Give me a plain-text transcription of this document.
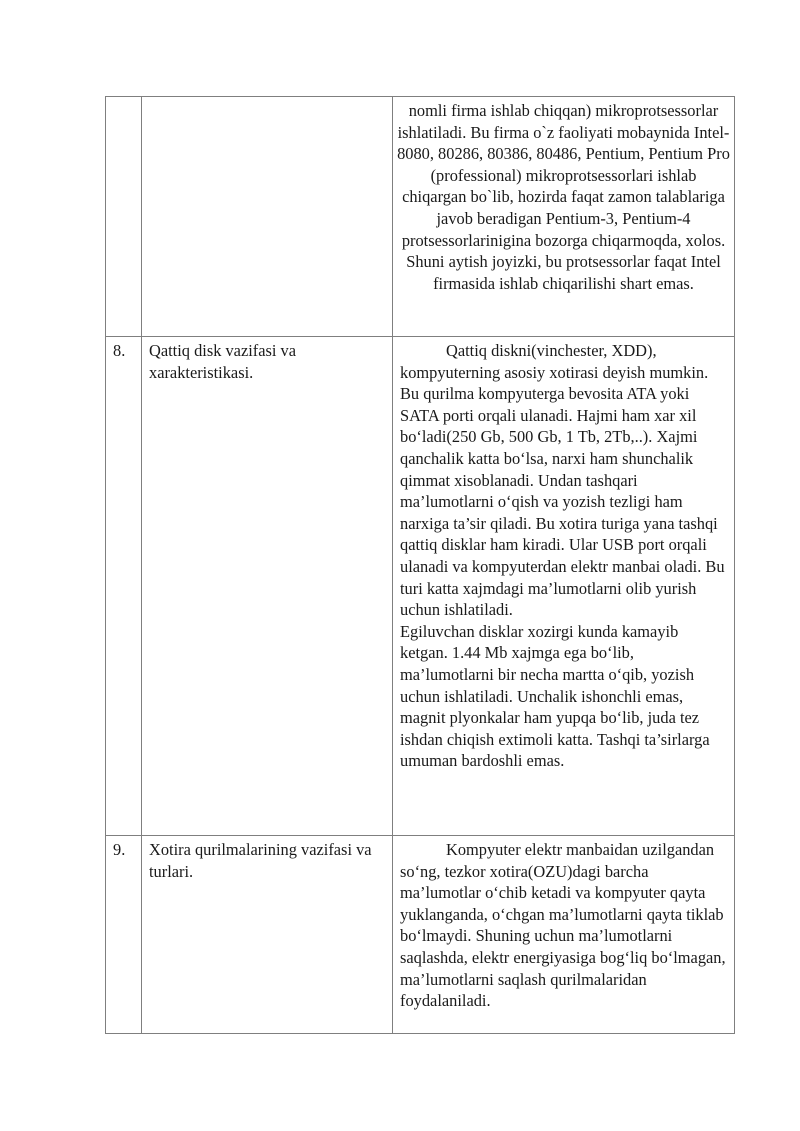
		nomli firma ishlab chiqqan) mikroprotsessorlar ishlatiladi. Bu firma o`z faoliyati mobaynida Intel-8080, 80286, 80386, 80486, Pentium, Pentium Pro (professional) mikroprotsessorlari ishlab chiqargan bo`lib, hozirda faqat zamon talablariga javob beradigan Pentium-3, Pentium-4 protsessorlarinigina bozorga chiqarmoqda, xolos. Shuni aytish joyizki, bu protsessorlar faqat Intel firmasida ishlab chiqarilishi shart emas.

8.	Qattiq disk vazifasi va xarakteristikasi.	Qattiq diskni(vinchester, XDD), kompyuterning asosiy xotirasi deyish mumkin. Bu qurilma kompyuterga bevosita ATA yoki SATA porti orqali ulanadi. Hajmi ham xar xil bo‘ladi(250 Gb, 500 Gb, 1 Tb, 2Tb,..). Xajmi qanchalik katta bo‘lsa, narxi ham shunchalik qimmat xisoblanadi. Undan tashqari ma’lumotlarni o‘qish va yozish tezligi ham narxiga ta’sir qiladi. Bu xotira turiga yana tashqi qattiq disklar ham kiradi. Ular USB port orqali ulanadi va kompyuterdan elektr manbai oladi. Bu turi katta xajmdagi ma’lumotlarni olib yurish uchun ishlatiladi.
Egiluvchan disklar xozirgi kunda kamayib ketgan. 1.44 Mb xajmga ega bo‘lib, ma’lumotlarni bir necha martta o‘qib, yozish uchun ishlatiladi. Unchalik ishonchli emas, magnit plyonkalar ham yupqa bo‘lib, juda tez ishdan chiqish extimoli katta. Tashqi ta’sirlarga umuman bardoshli emas.

9.	Xotira qurilmalarining vazifasi va turlari.	Kompyuter elektr manbaidan uzilgandan so‘ng, tezkor xotira(OZU)dagi barcha ma’lumotlar o‘chib ketadi va kompyuter qayta yuklanganda, o‘chgan ma’lumotlarni qayta tiklab bo‘lmaydi. Shuning uchun ma’lumotlarni saqlashda, elektr energiyasiga bog‘liq bo‘lmagan, ma’lumotlarni saqlash qurilmalaridan foydalaniladi.
